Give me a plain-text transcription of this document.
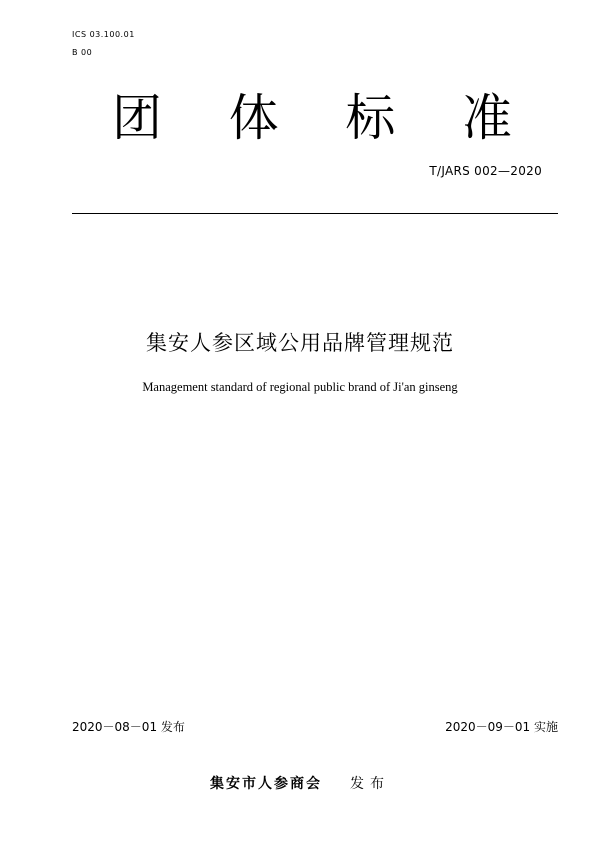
ICS 03.100.01
B 00
团 体 标 准
T/JARS 002—2020
集安人参区域公用品牌管理规范
Management standard of regional public brand of Ji'an ginseng
2020－08－01 发布	2020－09－01 实施
集安市人参商会 发布
